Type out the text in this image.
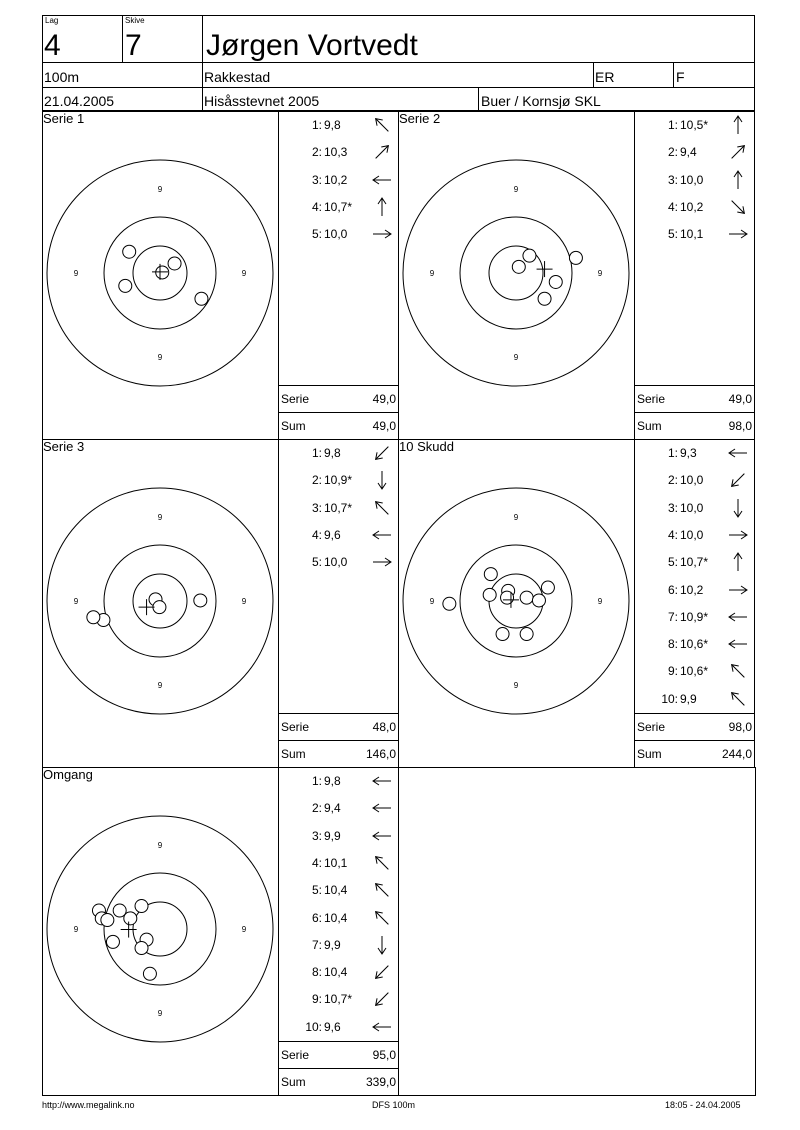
Lag
4
Skive
7 Jørgen Vortvedt
100m	Rakkestad	ER	F
21.04.2005	Hisåsstevnet 2005	Buer / Kornsjø SKL
Serie 1
9
9
9	9
1: 9,8
2: 10,3
3: 10,2
4: 10,7*
5: 10,0
Serie	49,0
Sum	49,0
Serie 2
9
9
9	9
1: 10,5*
2: 9,4
3: 10,0
4: 10,2
5: 10,1
Serie	49,0
Sum	98,0
Serie 3
9
9
9	9
1: 9,8
2: 10,9*
3: 10,7*
4: 9,6
5: 10,0
Serie	48,0
Sum	146,0
10 Skudd
9
9
9	9
1: 9,3
2: 10,0
3: 10,0
4: 10,0
5: 10,7*
6: 10,2
7: 10,9*
8: 10,6*
9: 10,6*
10: 9,9
Serie	98,0
Sum	244,0
Omgang
9
9
9	9
1: 9,8
2: 9,4
3: 9,9
4: 10,1
5: 10,4
6: 10,4
7: 9,9
8: 10,4
9: 10,7*
10: 9,6
Serie	95,0
Sum	339,0
http://www.megalink.no	DFS 100m	18:05 - 24.04.2005
